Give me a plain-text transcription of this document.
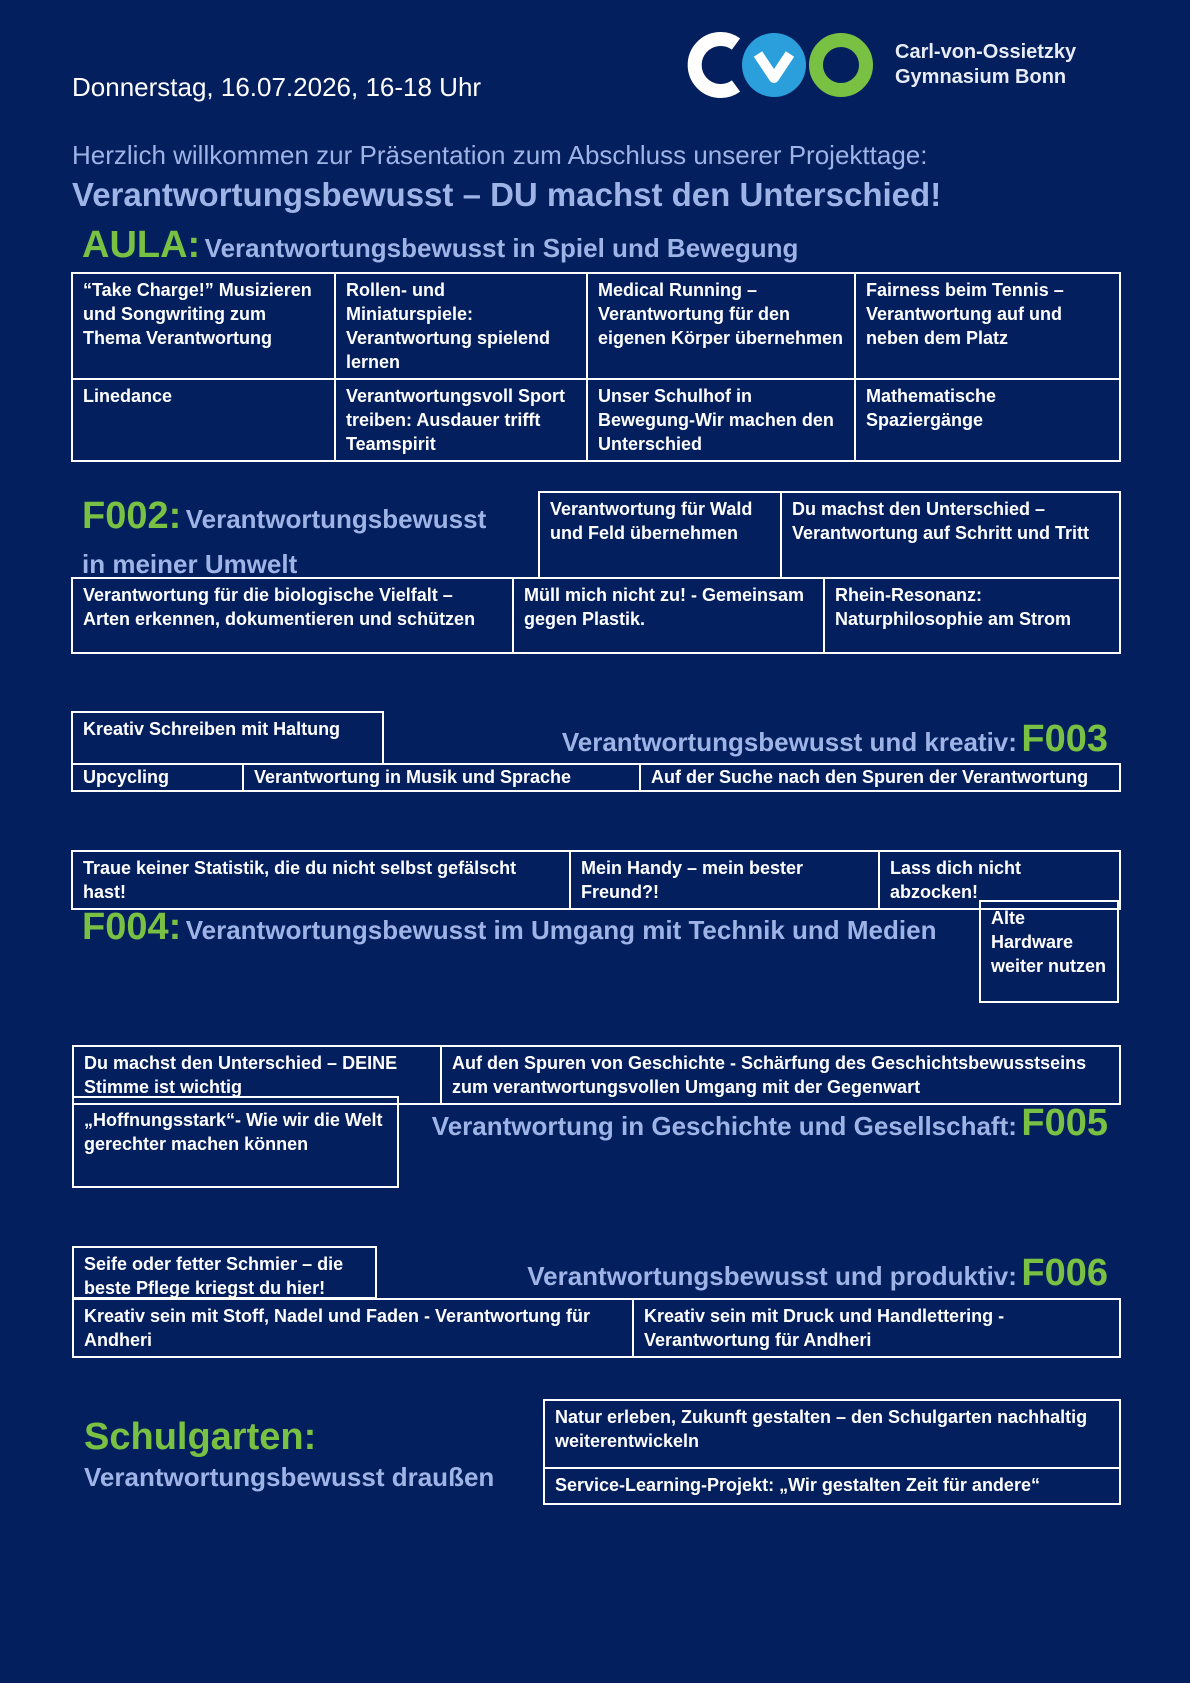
Donnerstag, 16.07.2026, 16-18 Uhr
Carl-von-Ossietzky
Gymnasium Bonn
Herzlich willkommen zur Präsentation zum Abschluss unserer Projekttage:
Verantwortungsbewusst – DU machst den Unterschied!
AULA: Verantwortungsbewusst in Spiel und Bewegung
“Take Charge!” Musizieren und Songwriting zum Thema Verantwortung	Rollen- und Miniaturspiele: Verantwortung spielend lernen	Medical Running – Verantwortung für den eigenen Körper übernehmen	Fairness beim Tennis – Verantwortung auf und neben dem Platz
Linedance	Verantwortungsvoll Sport treiben: Ausdauer trifft Teamspirit	Unser Schulhof in Bewegung-Wir machen den Unterschied	Mathematische Spaziergänge
F002: Verantwortungsbewusst
in meiner Umwelt
Verantwortung für Wald und Feld übernehmen	Du machst den Unterschied – Verantwortung auf Schritt und Tritt
Verantwortung für die biologische Vielfalt – Arten erkennen, dokumentieren und schützen	Müll mich nicht zu! - Gemeinsam gegen Plastik.	Rhein-Resonanz: Naturphilosophie am Strom
Kreativ Schreiben mit Haltung	Verantwortungsbewusst und kreativ: F003
Upcycling	Verantwortung in Musik und Sprache	Auf der Suche nach den Spuren der Verantwortung
Traue keiner Statistik, die du nicht selbst gefälscht hast!	Mein Handy – mein bester Freund?!	Lass dich nicht abzocken!
F004: Verantwortungsbewusst im Umgang mit Technik und Medien	Alte Hardware weiter nutzen
Du machst den Unterschied – DEINE Stimme ist wichtig	Auf den Spuren von Geschichte - Schärfung des Geschichtsbewusstseins zum verantwortungsvollen Umgang mit der Gegenwart
„Hoffnungsstark“- Wie wir die Welt gerechter machen können
Verantwortung in Geschichte und Gesellschaft: F005
Seife oder fetter Schmier – die beste Pflege kriegst du hier!	Verantwortungsbewusst und produktiv: F006
Kreativ sein mit Stoff, Nadel und Faden - Verantwortung für Andheri	Kreativ sein mit Druck und Handlettering - Verantwortung für Andheri
Schulgarten:
Verantwortungsbewusst draußen
Natur erleben, Zukunft gestalten – den Schulgarten nachhaltig weiterentwickeln
Service-Learning-Projekt: „Wir gestalten Zeit für andere“
